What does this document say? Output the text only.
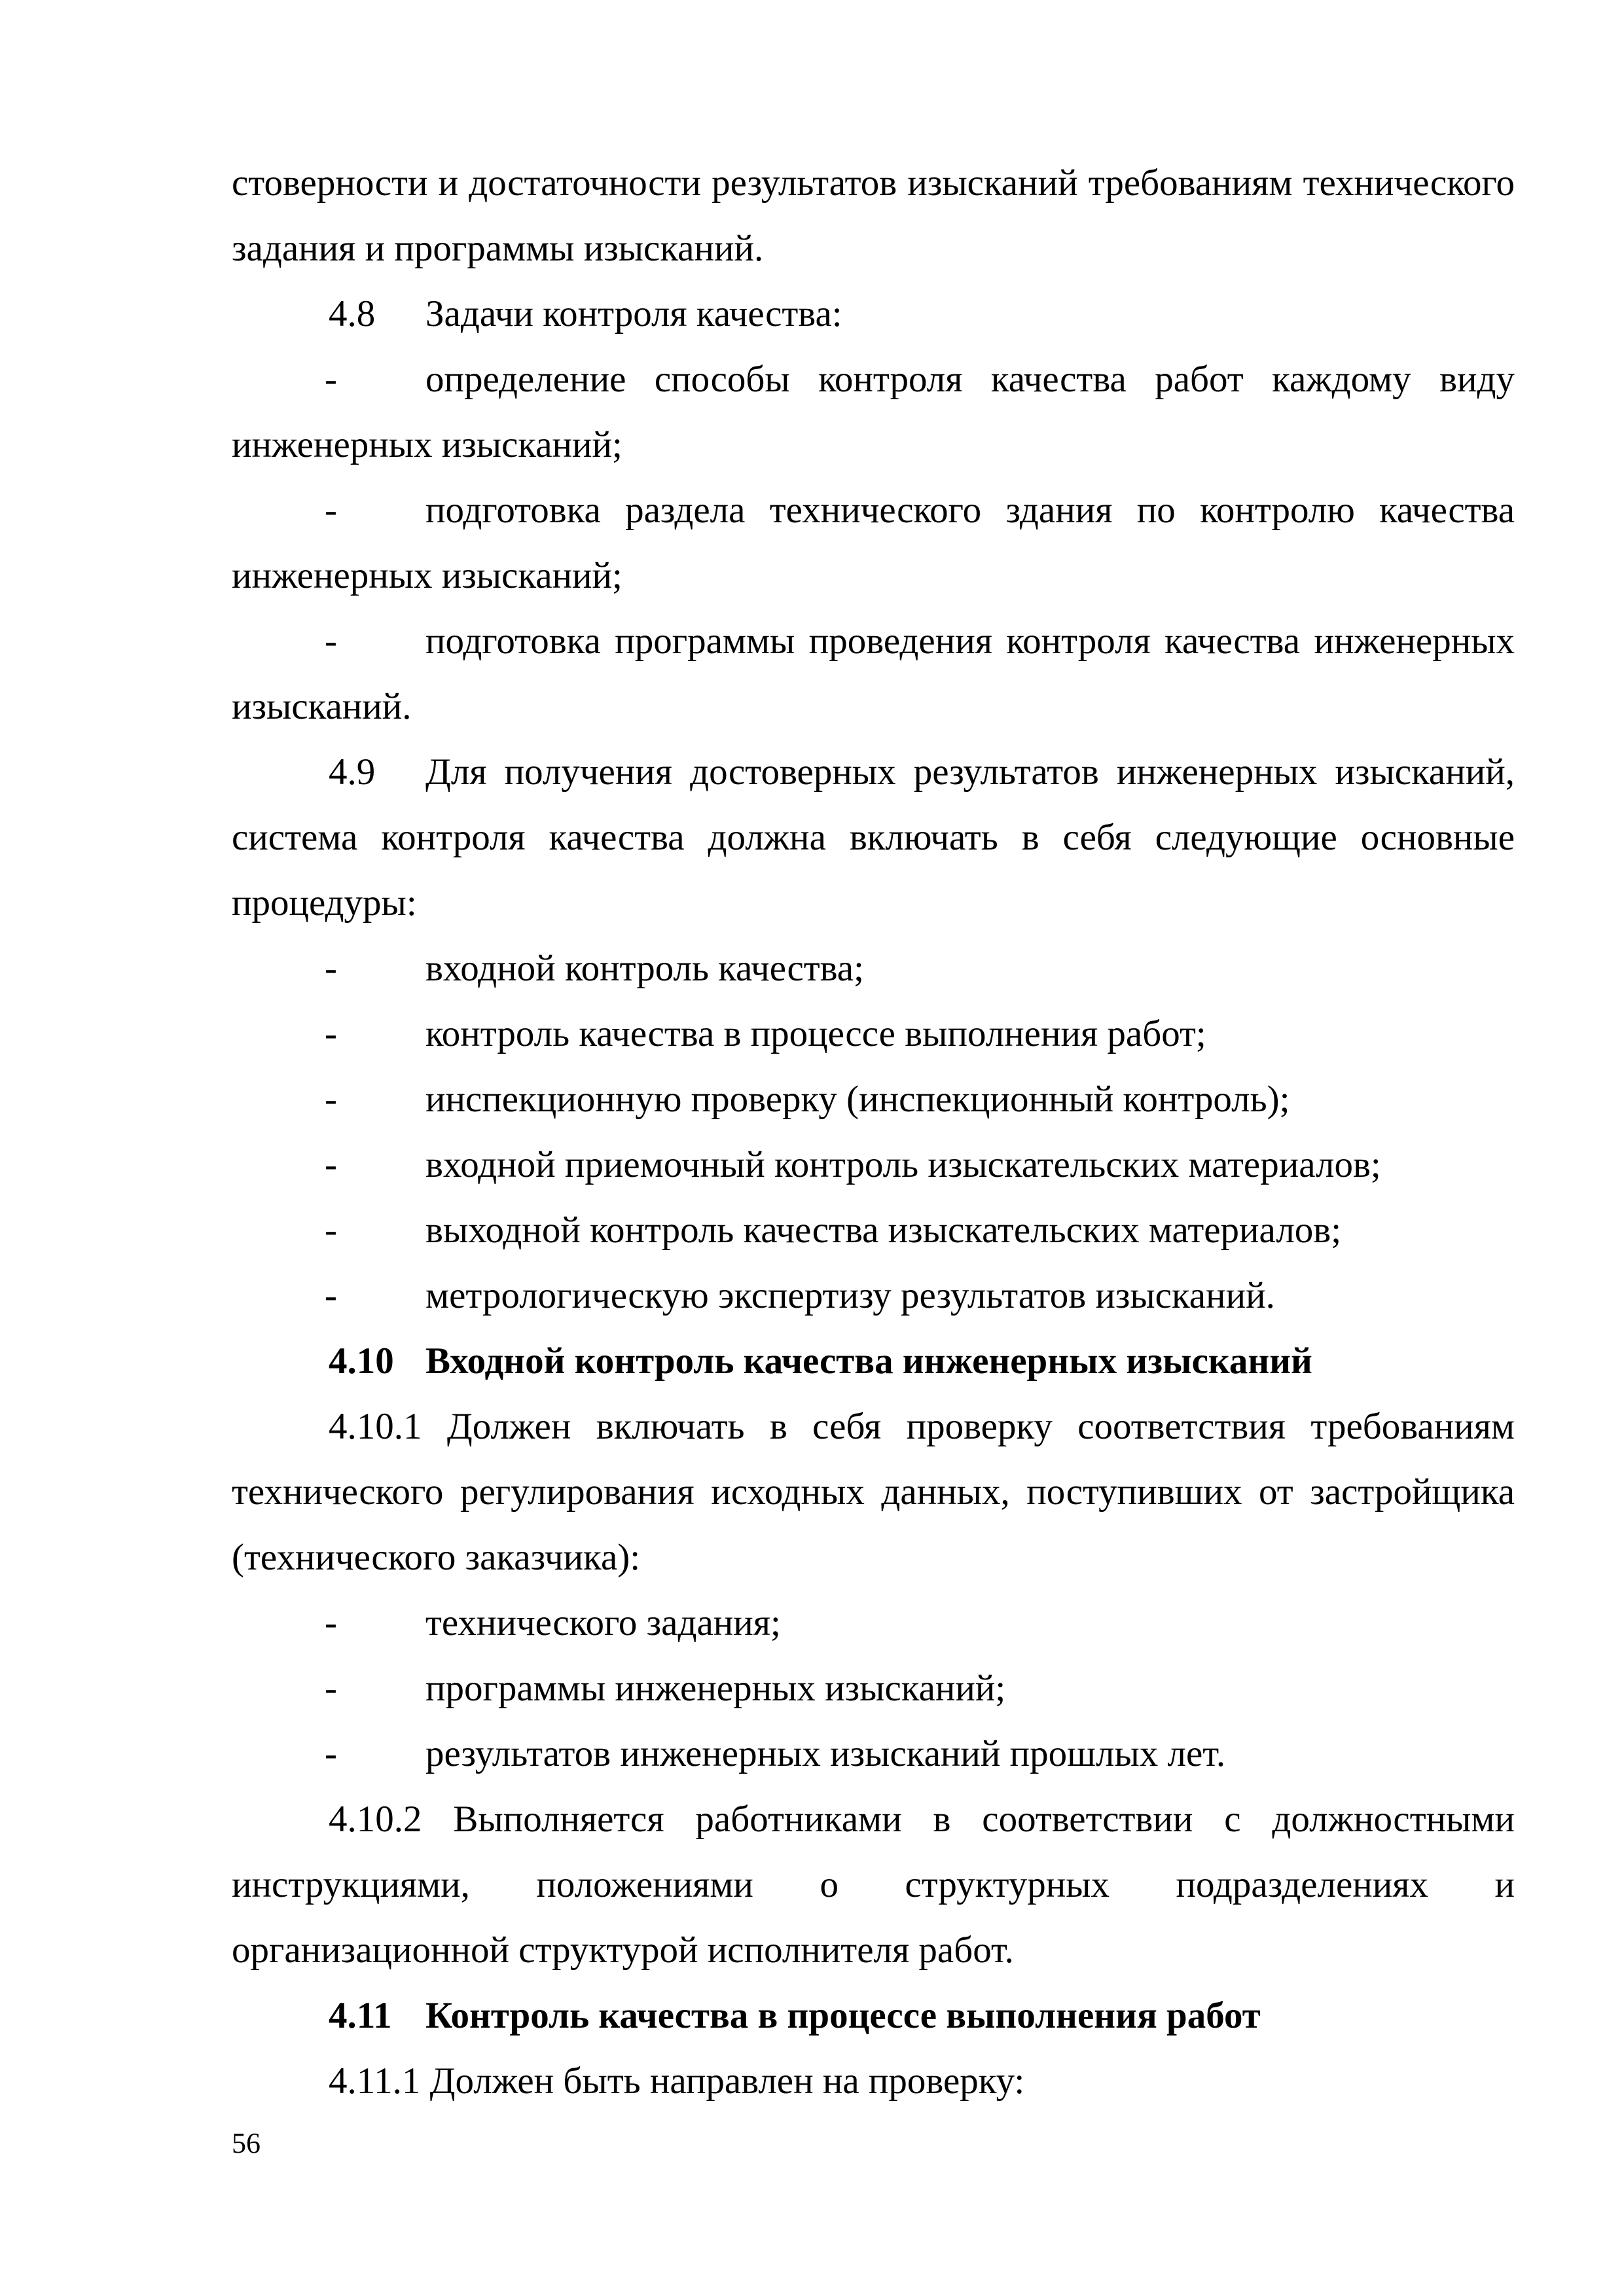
стоверности и достаточности результатов изысканий требованиям технического задания и программы изысканий.

4.8 Задачи контроля качества:

- определение способы контроля качества работ каждому виду инженерных изысканий;

- подготовка раздела технического здания по контролю качества инженерных изысканий;

- подготовка программы проведения контроля качества инженерных изысканий.

4.9 Для получения достоверных результатов инженерных изысканий, система контроля качества должна включать в себя следующие основные процедуры:

- входной контроль качества;

- контроль качества в процессе выполнения работ;

- инспекционную проверку (инспекционный контроль);

- входной приемочный контроль изыскательских материалов;

- выходной контроль качества изыскательских материалов;

- метрологическую экспертизу результатов изысканий.

4.10 Входной контроль качества инженерных изысканий

4.10.1 Должен включать в себя проверку соответствия требованиям технического регулирования исходных данных, поступивших от застройщика (технического заказчика):

- технического задания;

- программы инженерных изысканий;

- результатов инженерных изысканий прошлых лет.

4.10.2 Выполняется работниками в соответствии с должностными инструкциями, положениями о структурных подразделениях и организационной структурой исполнителя работ.

4.11 Контроль качества в процессе выполнения работ

4.11.1 Должен быть направлен на проверку:

56
